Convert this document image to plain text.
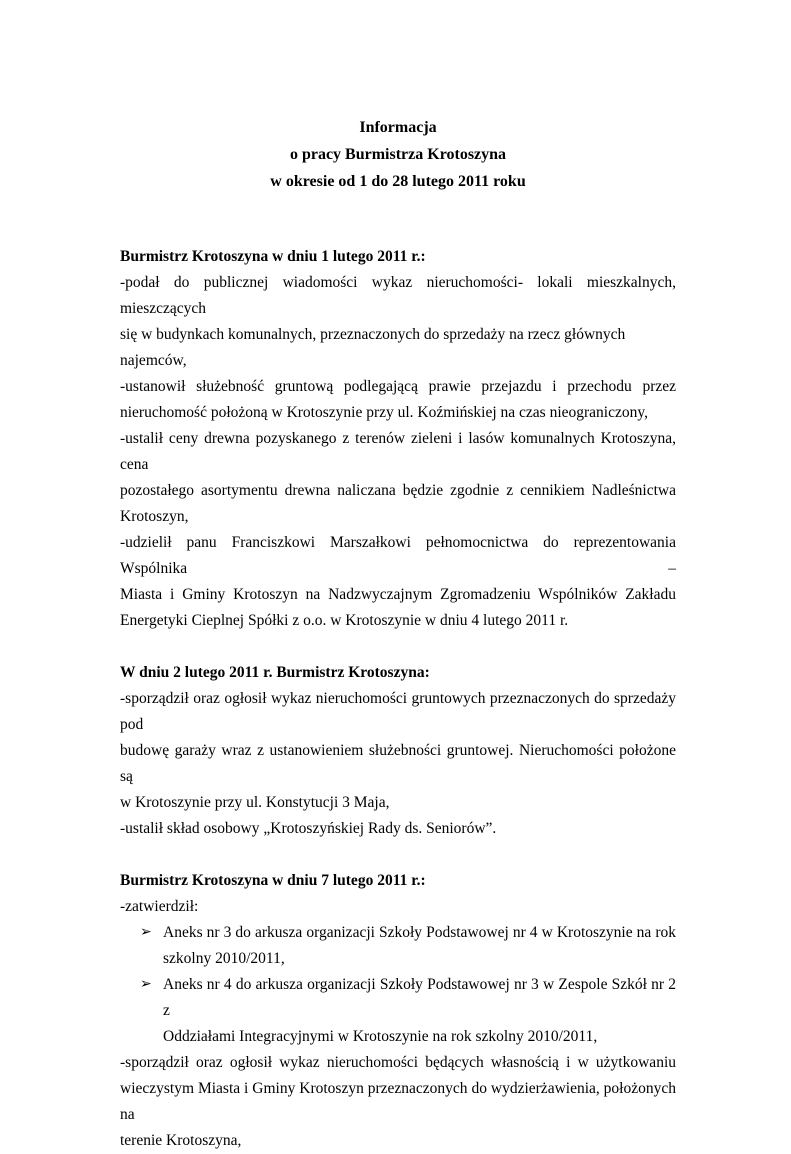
Informacja
o pracy Burmistrza Krotoszyna
w okresie od 1 do 28 lutego 2011 roku
Burmistrz Krotoszyna w dniu 1 lutego 2011 r.:
-podał do publicznej wiadomości wykaz nieruchomości- lokali mieszkalnych, mieszczących
się w budynkach komunalnych, przeznaczonych do sprzedaży na rzecz głównych najemców,
-ustanowił służebność gruntową podlegającą prawie przejazdu i przechodu przez
nieruchomość położoną w Krotoszynie przy ul. Koźmińskiej na czas nieograniczony,
-ustalił ceny drewna pozyskanego z terenów zieleni i lasów komunalnych Krotoszyna, cena
pozostałego asortymentu drewna naliczana będzie zgodnie z cennikiem Nadleśnictwa
Krotoszyn,
-udzielił panu Franciszkowi Marszałkowi pełnomocnictwa do reprezentowania Wspólnika –
Miasta i Gminy Krotoszyn na Nadzwyczajnym Zgromadzeniu Wspólników Zakładu
Energetyki Cieplnej Spółki z o.o. w Krotoszynie w dniu 4 lutego 2011 r.
W dniu 2 lutego 2011 r. Burmistrz Krotoszyna:
-sporządził oraz ogłosił wykaz nieruchomości gruntowych przeznaczonych do sprzedaży pod
budowę garaży wraz z ustanowieniem służebności gruntowej. Nieruchomości położone są
w Krotoszynie przy ul. Konstytucji 3 Maja,
-ustalił skład osobowy „Krotoszyńskiej Rady ds. Seniorów”.
Burmistrz Krotoszyna w dniu 7 lutego 2011 r.:
-zatwierdził:
➢ Aneks nr 3 do arkusza organizacji Szkoły Podstawowej nr 4 w Krotoszynie na rok
szkolny 2010/2011,
➢ Aneks nr 4 do arkusza organizacji Szkoły Podstawowej nr 3 w Zespole Szkół nr 2 z
Oddziałami Integracyjnymi w Krotoszynie na rok szkolny 2010/2011,
-sporządził oraz ogłosił wykaz nieruchomości będących własnością i w użytkowaniu
wieczystym Miasta i Gminy Krotoszyn przeznaczonych do wydzierżawienia, położonych na
terenie Krotoszyna,
